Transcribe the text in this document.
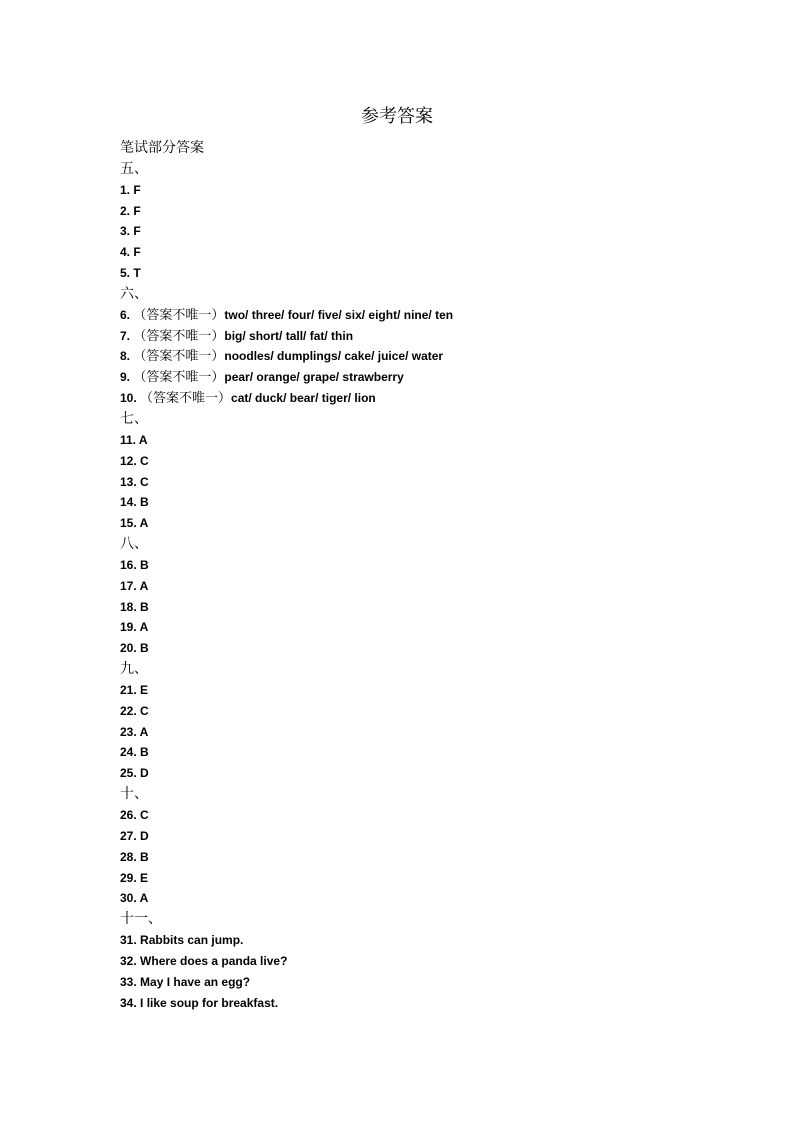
参考答案
笔试部分答案
五、
1. F
2. F
3. F
4. F
5. T
六、
6. （答案不唯一）two/ three/ four/ five/ six/ eight/ nine/ ten
7. （答案不唯一）big/ short/ tall/ fat/ thin
8. （答案不唯一）noodles/ dumplings/ cake/ juice/ water
9. （答案不唯一）pear/ orange/ grape/ strawberry
10. （答案不唯一）cat/ duck/ bear/ tiger/ lion
七、
11. A
12. C
13. C
14. B
15. A
八、
16. B
17. A
18. B
19. A
20. B
九、
21. E
22. C
23. A
24. B
25. D
十、
26. C
27. D
28. B
29. E
30. A
十一、
31. Rabbits can jump.
32. Where does a panda live?
33. May I have an egg?
34. I like soup for breakfast.
